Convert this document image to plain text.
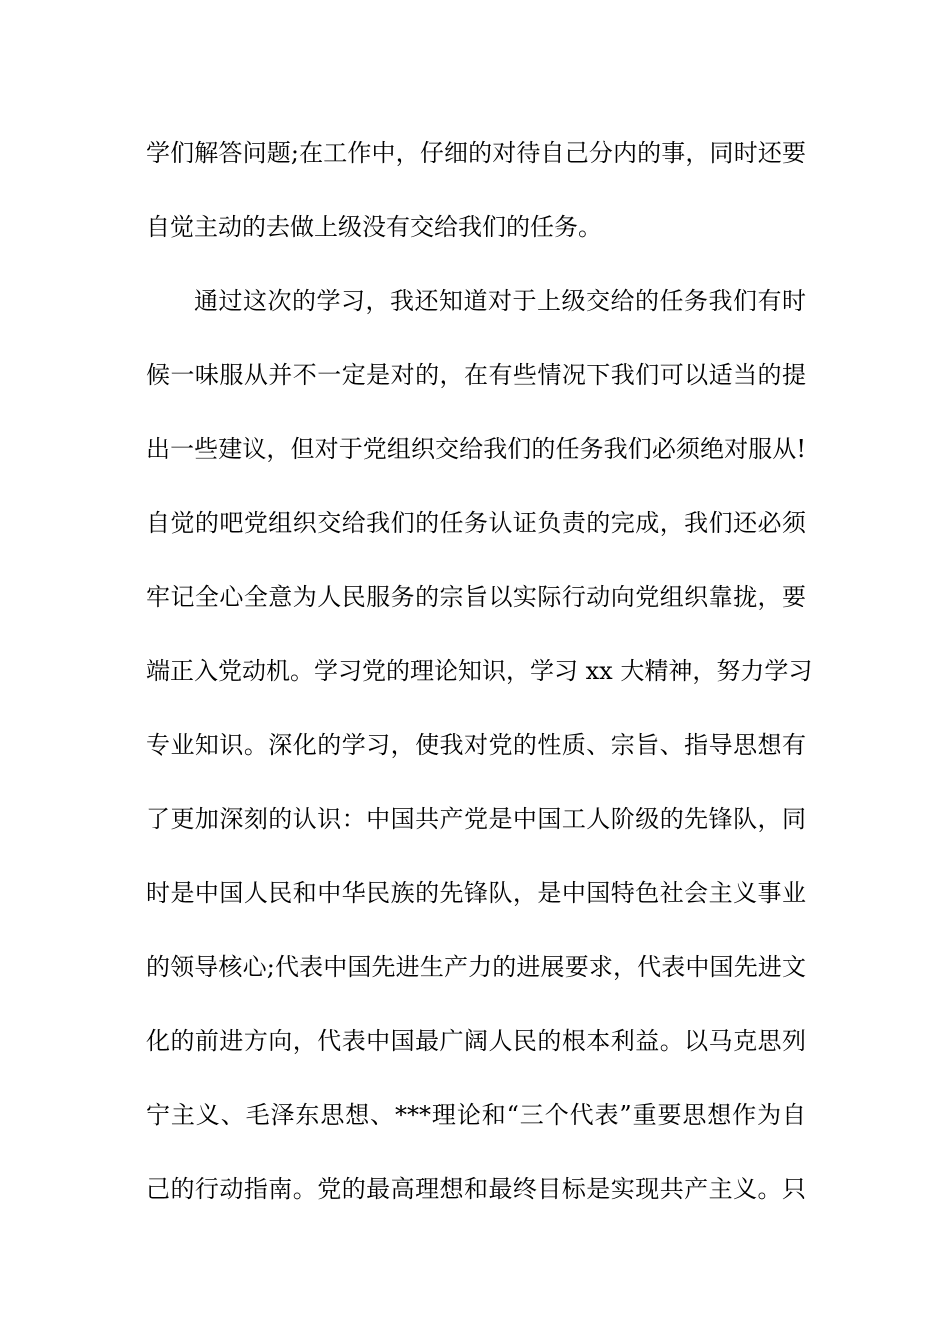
学们解答问题;在工作中，仔细的对待自己分内的事，同时还要
自觉主动的去做上级没有交给我们的任务。
通过这次的学习，我还知道对于上级交给的任务我们有时
候一味服从并不一定是对的，在有些情况下我们可以适当的提
出一些建议，但对于党组织交给我们的任务我们必须绝对服从!
自觉的吧党组织交给我们的任务认证负责的完成，我们还必须
牢记全心全意为人民服务的宗旨以实际行动向党组织靠拢，要
端正入党动机。学习党的理论知识，学习 xx 大精神，努力学习
专业知识。深化的学习，使我对党的性质、宗旨、指导思想有
了更加深刻的认识：中国共产党是中国工人阶级的先锋队，同
时是中国人民和中华民族的先锋队，是中国特色社会主义事业
的领导核心;代表中国先进生产力的进展要求，代表中国先进文
化的前进方向，代表中国最广阔人民的根本利益。以马克思列
宁主义、毛泽东思想、***理论和“三个代表”重要思想作为自
己的行动指南。党的最高理想和最终目标是实现共产主义。只
